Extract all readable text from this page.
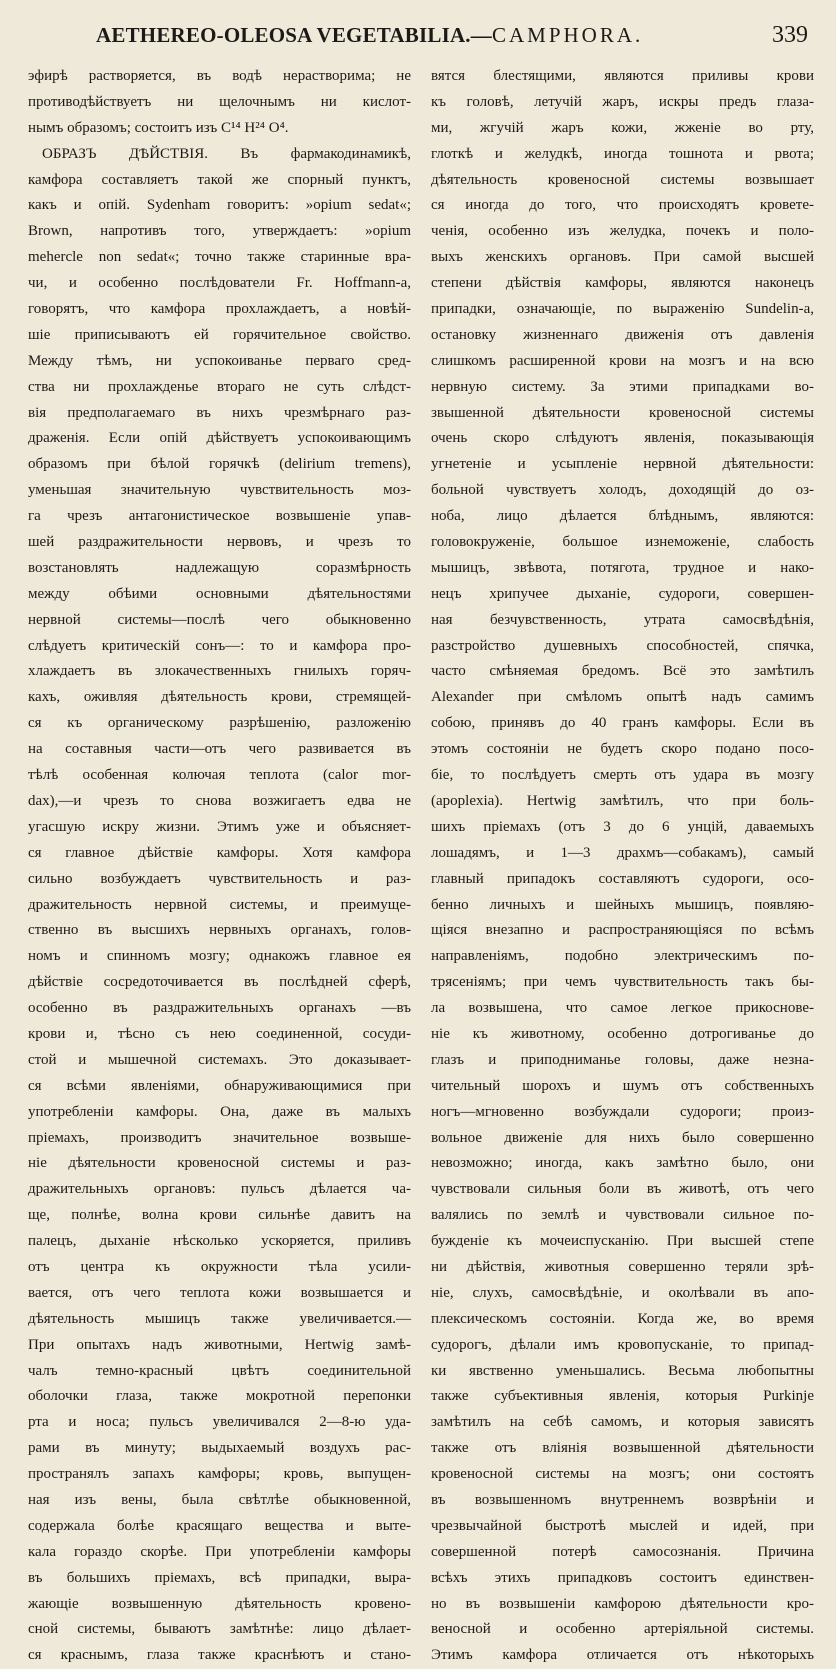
AETHEREO-OLEOSA VEGETABILIA.—CAMPHORA.	339
эфирѣ растворяется, въ водѣ нерастворима; не
противодѣйствуетъ ни щелочнымъ ни кислот-
нымъ образомъ; состоитъ изъ C¹⁴ H²⁴ O⁴.
ОБРАЗЪ ДѢЙСТВІЯ. Въ фармакодинамикѣ,
камфора составляетъ такой же спорный пунктъ,
какъ и опій. Sydenham говоритъ: »opium sedat«;
Brown, напротивъ того, утверждаетъ: »opium
mehercle non sedat«; точно также старинные вра-
чи, и особенно послѣдователи Fr. Hoffmann-а,
говорятъ, что камфора прохлаждаетъ, а новѣй-
шіе приписываютъ ей горячительное свойство.
Между тѣмъ, ни успокоиванье перваго сред-
ства ни прохлажденье втораго не суть слѣдст-
вія предполагаемаго въ нихъ чрезмѣрнаго раз-
драженія. Если опій дѣйствуетъ успокоивающимъ
образомъ при бѣлой горячкѣ (delirium tremens),
уменьшая значительную чувствительность моз-
га чрезъ антагонистическое возвышеніе упав-
шей раздражительности нервовъ, и чрезъ то
возстановлять надлежащую соразмѣрность
между обѣими основными дѣятельностями
нервной системы—послѣ чего обыкновенно
слѣдуетъ критическій сонъ—: то и камфора про-
хлаждаетъ въ злокачественныхъ гнилыхъ горяч-
кахъ, оживляя дѣятельность крови, стремящей-
ся къ органическому разрѣшенію, разложенію
на составныя части—отъ чего развивается въ
тѣлѣ особенная колючая теплота (calor mor-
dax),—и чрезъ то снова возжигаетъ едва не
угасшую искру жизни. Этимъ уже и объясняет-
ся главное дѣйствіе камфоры. Хотя камфора
сильно возбуждаетъ чувствительность и раз-
дражительность нервной системы, и преимуще-
ственно въ высшихъ нервныхъ органахъ, голов-
номъ и спинномъ мозгу; однакожъ главное ея
дѣйствіе сосредоточивается въ послѣдней сферѣ,
особенно въ раздражительныхъ органахъ —въ
крови и, тѣсно съ нею соединенной, сосуди-
стой и мышечной системахъ. Это доказывает-
ся всѣми явленіями, обнаруживающимися при
употребленіи камфоры. Она, даже въ малыхъ
пріемахъ, производитъ значительное возвыше-
ніе дѣятельности кровеносной системы и раз-
дражительныхъ органовъ: пульсъ дѣлается ча-
ще, полнѣе, волна крови сильнѣе давитъ на
палецъ, дыханіе нѣсколько ускоряется, приливъ
отъ центра къ окружности тѣла усили-
вается, отъ чего теплота кожи возвышается и
дѣятельность мышицъ также увеличивается.—
При опытахъ надъ животными, Hertwig замѣ-
чалъ темно-красный цвѣтъ соединительной
оболочки глаза, также мокротной перепонки
рта и носа; пульсъ увеличивался 2—8-ю уда-
рами въ минуту; выдыхаемый воздухъ рас-
пространялъ запахъ камфоры; кровь, выпущен-
ная изъ вены, была свѣтлѣе обыкновенной,
содержала болѣе красящаго вещества и выте-
кала гораздо скорѣе. При употребленіи камфоры
въ большихъ пріемахъ, всѣ припадки, выра-
жающіе возвышенную дѣятельность кровено-
сной системы, бываютъ замѣтнѣе: лицо дѣлает-
ся краснымъ, глаза также краснѣютъ и стано-
вятся блестящими, являются приливы крови
къ головѣ, летучій жаръ, искры предъ глаза-
ми, жгучій жаръ кожи, жженіе во рту,
глоткѣ и желудкѣ, иногда тошнота и рвота;
дѣятельность кровеносной системы возвышает
ся иногда до того, что происходятъ кровете-
ченія, особенно изъ желудка, почекъ и поло-
выхъ женскихъ органовъ. При самой высшей
степени дѣйствія камфоры, являются наконецъ
припадки, означающіе, по выраженію Sundelin-а,
остановку жизненнаго движенія отъ давленія
слишкомъ расширенной крови на мозгъ и на всю
нервную систему. За этими припадками во-
звышенной дѣятельности кровеносной системы
очень скоро слѣдуютъ явленія, показывающія
угнетеніе и усыпленіе нервной дѣятельности:
больной чувствуетъ холодъ, доходящій до оз-
ноба, лицо дѣлается блѣднымъ, являются:
головокруженіе, большое изнеможеніе, слабость
мышицъ, звѣвота, потягота, трудное и нако-
нецъ хрипучее дыханіе, судороги, совершен-
ная безчувственность, утрата самосвѣдѣнія,
разстройство душевныхъ способностей, спячка,
часто смѣняемая бредомъ. Всё это замѣтилъ
Alexander при смѣломъ опытѣ надъ самимъ
собою, принявъ до 40 гранъ камфоры. Если въ
этомъ состояніи не будетъ скоро подано посо-
біе, то послѣдуетъ смерть отъ удара въ мозгу
(apoplexia). Hertwig замѣтилъ, что при боль-
шихъ пріемахъ (отъ 3 до 6 унцій, даваемыхъ
лошадямъ, и 1—3 драхмъ—собакамъ), самый
главный припадокъ составляютъ судороги, осо-
бенно личныхъ и шейныхъ мышицъ, появляю-
щіяся внезапно и распространяющіяся по всѣмъ
направленіямъ, подобно электрическимъ по-
трясеніямъ; при чемъ чувствительность такъ бы-
ла возвышена, что самое легкое прикоснове-
ніе къ животному, особенно дотрогиванье до
глазъ и приподниманье головы, даже незна-
чительный шорохъ и шумъ отъ собственныхъ
ногъ—мгновенно возбуждали судороги; произ-
вольное движеніе для нихъ было совершенно
невозможно; иногда, какъ замѣтно было, они
чувствовали сильныя боли въ животѣ, отъ чего
валялись по землѣ и чувствовали сильное по-
бужденіе къ мочеиспусканію. При высшей степе
ни дѣйствія, животныя совершенно теряли зрѣ-
ніе, слухъ, самосвѣдѣніе, и околѣвали въ апо-
плексическомъ состояніи. Когда же, во время
судорогъ, дѣлали имъ кровопусканіе, то припад-
ки явственно уменьшались. Весьма любопытны
также субъективныя явленія, которыя Purkinje
замѣтилъ на себѣ самомъ, и которыя зависятъ
также отъ вліянія возвышенной дѣятельности
кровеносной системы на мозгъ; они состоятъ
въ возвышенномъ внутреннемъ возврѣніи и
чрезвычайной быстротѣ мыслей и идей, при
совершенной потерѣ самосознанія. Причина
всѣхъ этихъ припадковъ состоитъ единствен-
но въ возвышеніи камфорою дѣятельности кро-
веносной и особенно артеріяльной системы.
Этимъ камфора отличается отъ нѣкоторыхъ
